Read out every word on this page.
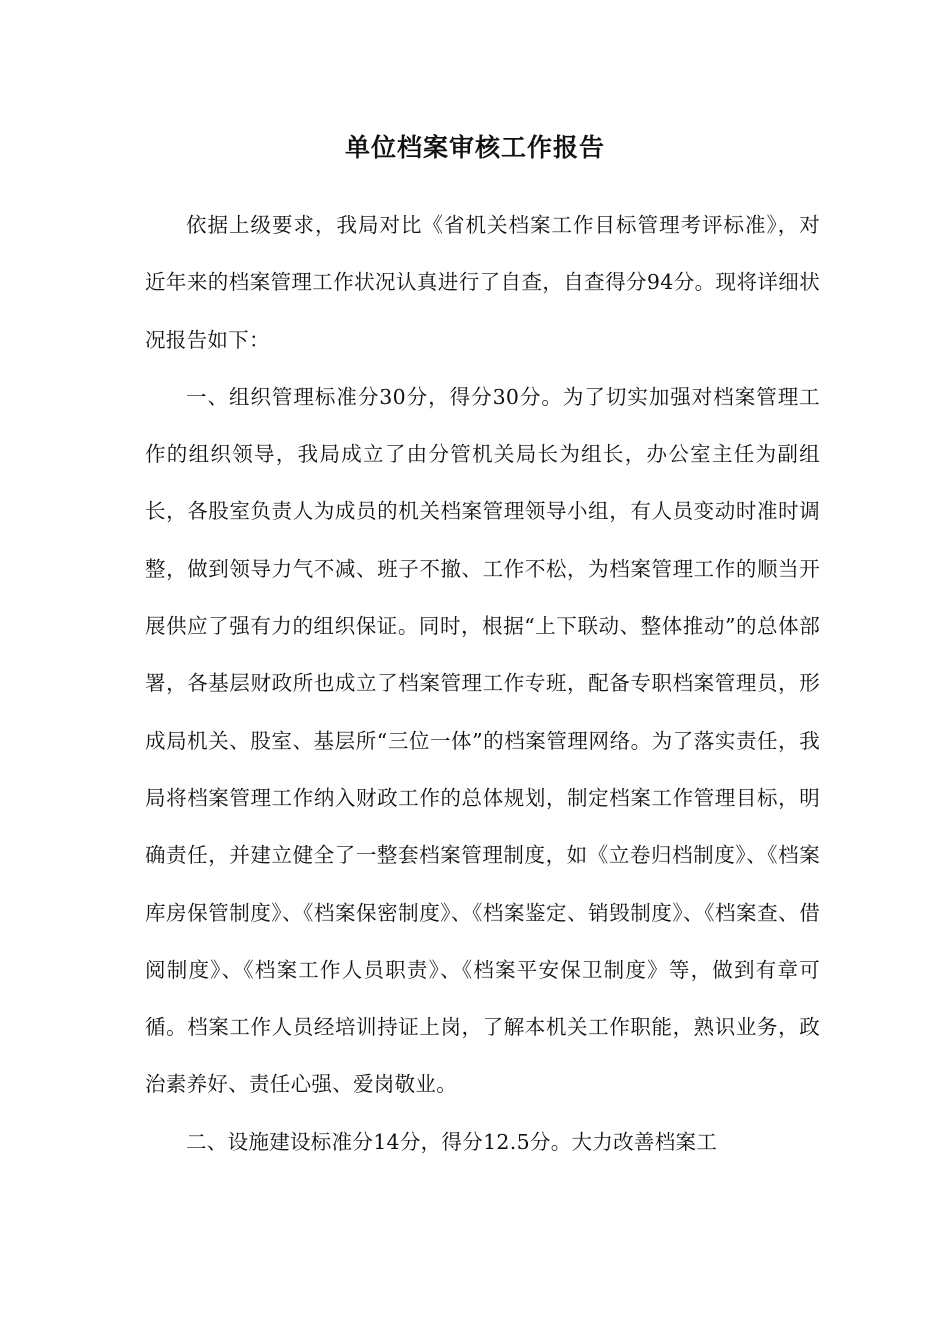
单位档案审核工作报告

依据上级要求，我局对比《省机关档案工作目标管理考评标准》，对近年来的档案管理工作状况认真进行了自查，自查得分94分。现将详细状况报告如下：

一、组织管理标准分30分，得分30分。为了切实加强对档案管理工作的组织领导，我局成立了由分管机关局长为组长，办公室主任为副组长，各股室负责人为成员的机关档案管理领导小组，有人员变动时准时调整，做到领导力气不减、班子不撤、工作不松，为档案管理工作的顺当开展供应了强有力的组织保证。同时，根据“上下联动、整体推动”的总体部署，各基层财政所也成立了档案管理工作专班，配备专职档案管理员，形成局机关、股室、基层所“三位一体”的档案管理网络。为了落实责任，我局将档案管理工作纳入财政工作的总体规划，制定档案工作管理目标，明确责任，并建立健全了一整套档案管理制度，如《立卷归档制度》、《档案库房保管制度》、《档案保密制度》、《档案鉴定、销毁制度》、《档案查、借阅制度》、《档案工作人员职责》、《档案平安保卫制度》等，做到有章可循。档案工作人员经培训持证上岗，了解本机关工作职能，熟识业务，政治素养好、责任心强、爱岗敬业。

二、设施建设标准分14分，得分12.5分。大力改善档案工
